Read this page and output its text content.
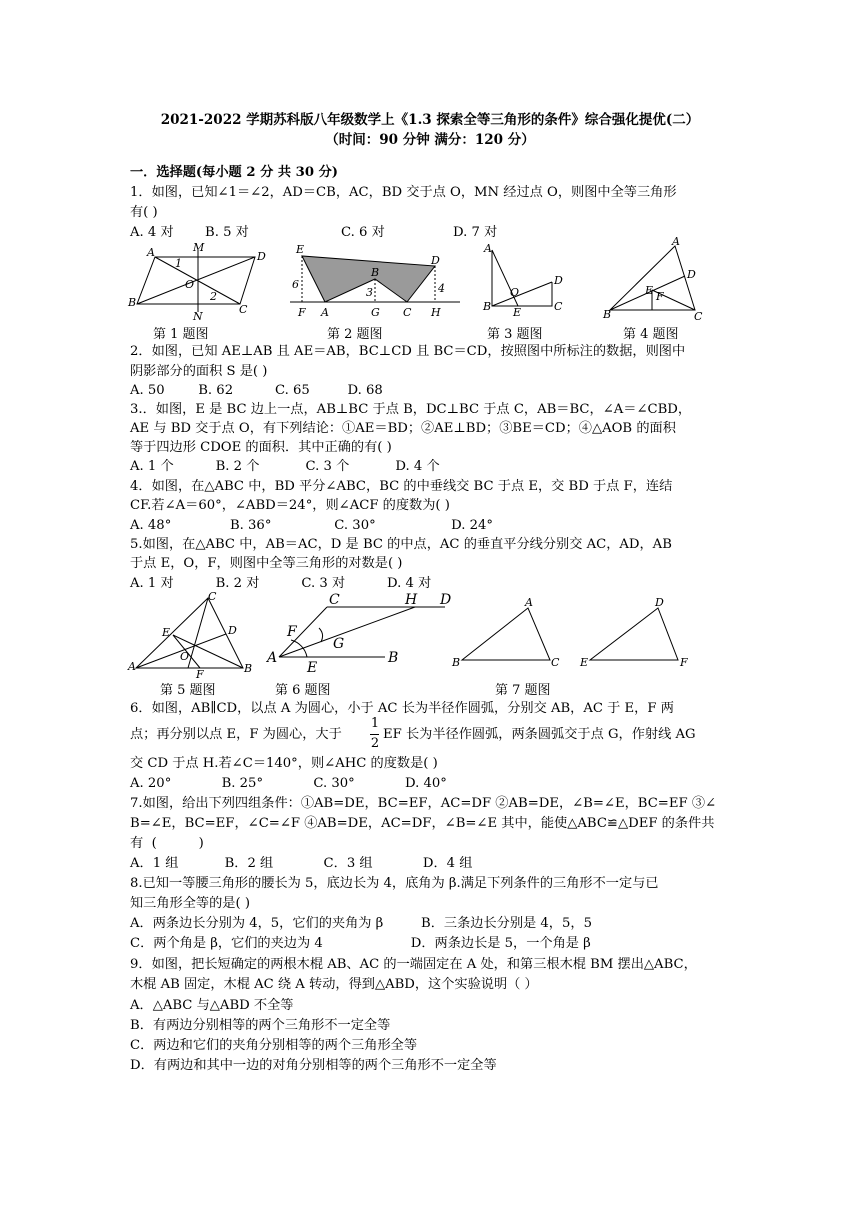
2021-2022 学期苏科版八年级数学上《1.3 探索全等三角形的条件》综合强化提优(二）
（时间：90 分钟 满分：120 分）
一．选择题(每小题 2 分 共 30 分)
1．如图，已知∠1＝∠2，AD＝CB，AC，BD 交于点 O，MN 经过点 O，则图中全等三角形
有( )
A. 4 对 B. 5 对	C. 6 对	D. 7 对
A	M
D
B
N
C
O
1
2
E
D
B
6
3	4
F A	G C H
A
D
O
B E	C
A
D
E F
B	C
第 1 题图	第 2 题图	第 3 题图	第 4 题图
2．如图，已知 AE⊥AB 且 AE＝AB，BC⊥CD 且 BC＝CD，按照图中所标注的数据，则图中
阴影部分的面积 S 是( )
A. 50        B. 62          C. 65         D. 68
3.．如图，E 是 BC 边上一点，AB⊥BC 于点 B，DC⊥BC 于点 C，AB＝BC，∠A＝∠CBD，
AE 与 BD 交于点 O，有下列结论：①AE＝BD；②AE⊥BD；③BE＝CD；④△AOB 的面积
等于四边形 CDOE 的面积．其中正确的有( )
A. 1 个          B. 2 个           C. 3 个           D. 4 个
4．如图，在△ABC 中，BD 平分∠ABC，BC 的中垂线交 BC 于点 E，交 BD 于点 F，连结
CF.若∠A＝60°，∠ABD＝24°，则∠ACF 的度数为( )
A. 48°              B. 36°               C. 30°                  D. 24°
5.如图，在△ABC 中，AB＝AC，D 是 BC 的中点，AC 的垂直平分线分别交 AC，AD，AB
于点 E，O，F，则图中全等三角形的对数是( )
A. 1 对          B. 2 对          C. 3 对          D. 4 对
C
E	D
O
A
F	B
C	H D
F
G
A
E
B
A
B	C
D
E	F
第 5 题图	第 6 题图	第 7 题图
6．如图，AB∥CD，以点 A 为圆心，小于 AC 长为半径作圆弧，分别交 AB，AC 于 E，F 两
点；再分别以点 E，F 为圆心，大于
1
2
EF 长为半径作圆弧，两条圆弧交于点 G，作射线 AG
交 CD 于点 H.若∠C＝140°，则∠AHC 的度数是( )
A. 20°            B. 25°            C. 30°            D. 40°
7.如图，给出下列四组条件：①AB=DE，BC=EF，AC=DF ②AB=DE，∠B=∠E，BC=EF ③∠
B=∠E，BC=EF，∠C=∠F ④AB=DE，AC=DF，∠B=∠E 其中，能使△ABC≌△DEF 的条件共
有  (          )
A．1 组           B．2 组            C．3 组            D．4 组
8.已知一等腰三角形的腰长为 5，底边长为 4，底角为 β.满足下列条件的三角形不一定与已
知三角形全等的是( )
A．两条边长分别为 4，5，它们的夹角为 β         B．三条边长分别是 4，5，5
C．两个角是 β，它们的夹边为 4                     D．两条边长是 5，一个角是 β
9．如图，把长短确定的两根木棍 AB、AC 的一端固定在 A 处，和第三根木棍 BM 摆出△ABC，
木棍 AB 固定，木棍 AC 绕 A 转动，得到△ABD，这个实验说明（ ）
A．△ABC 与△ABD 不全等
B．有两边分别相等的两个三角形不一定全等
C．两边和它们的夹角分别相等的两个三角形全等
D．有两边和其中一边的对角分别相等的两个三角形不一定全等
